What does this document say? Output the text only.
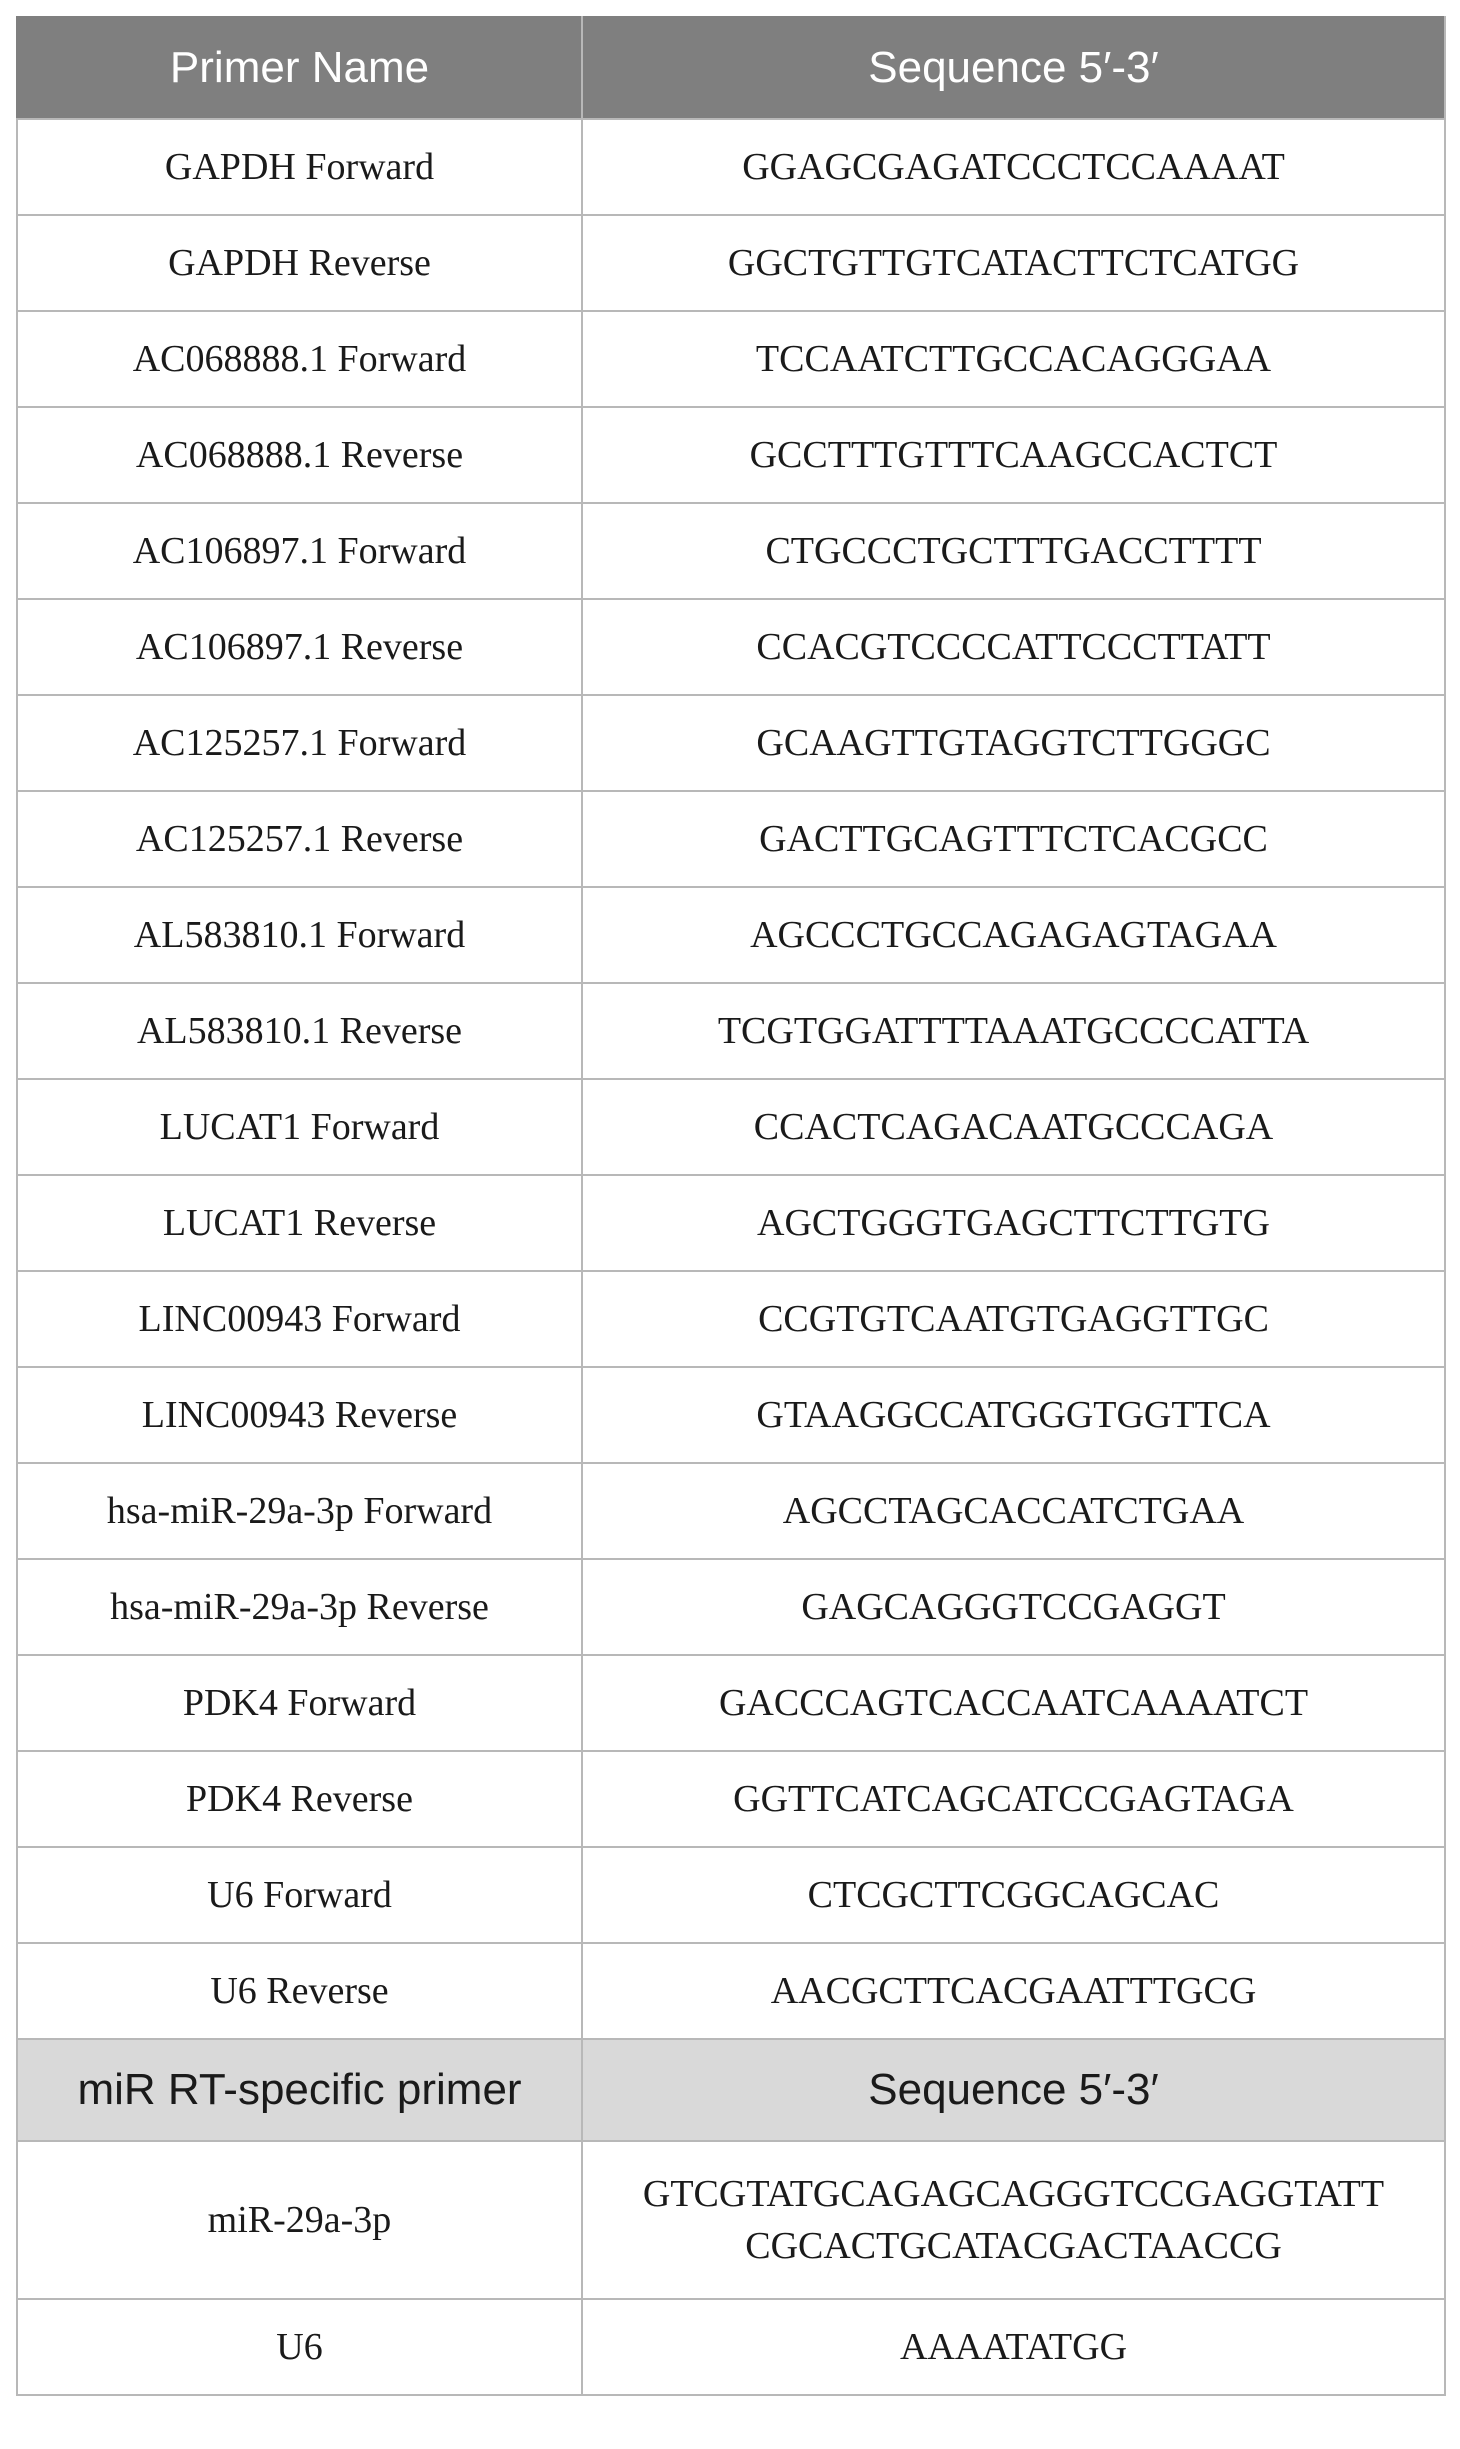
Primer Name	Sequence 5′-3′
GAPDH Forward	GGAGCGAGATCCCTCCAAAAT
GAPDH Reverse	GGCTGTTGTCATACTTCTCATGG
AC068888.1 Forward	TCCAATCTTGCCACAGGGAA
AC068888.1 Reverse	GCCTTTGTTTCAAGCCACTCT
AC106897.1 Forward	CTGCCCTGCTTTGACCTTTT
AC106897.1 Reverse	CCACGTCCCCATTCCCTTATT
AC125257.1 Forward	GCAAGTTGTAGGTCTTGGGC
AC125257.1 Reverse	GACTTGCAGTTTCTCACGCC
AL583810.1 Forward	AGCCCTGCCAGAGAGTAGAA
AL583810.1 Reverse	TCGTGGATTTTAAATGCCCCATTA
LUCAT1 Forward	CCACTCAGACAATGCCCAGA
LUCAT1 Reverse	AGCTGGGTGAGCTTCTTGTG
LINC00943 Forward	CCGTGTCAATGTGAGGTTGC
LINC00943 Reverse	GTAAGGCCATGGGTGGTTCA
hsa-miR-29a-3p Forward	AGCCTAGCACCATCTGAA
hsa-miR-29a-3p Reverse	GAGCAGGGTCCGAGGT
PDK4 Forward	GACCCAGTCACCAATCAAAATCT
PDK4 Reverse	GGTTCATCAGCATCCGAGTAGA
U6 Forward	CTCGCTTCGGCAGCAC
U6 Reverse	AACGCTTCACGAATTTGCG
miR RT-specific primer	Sequence 5′-3′
miR-29a-3p	GTCGTATGCAGAGCAGGGTCCGAGGTATT
CGCACTGCATACGACTAACCG

U6	AAAATATGG
